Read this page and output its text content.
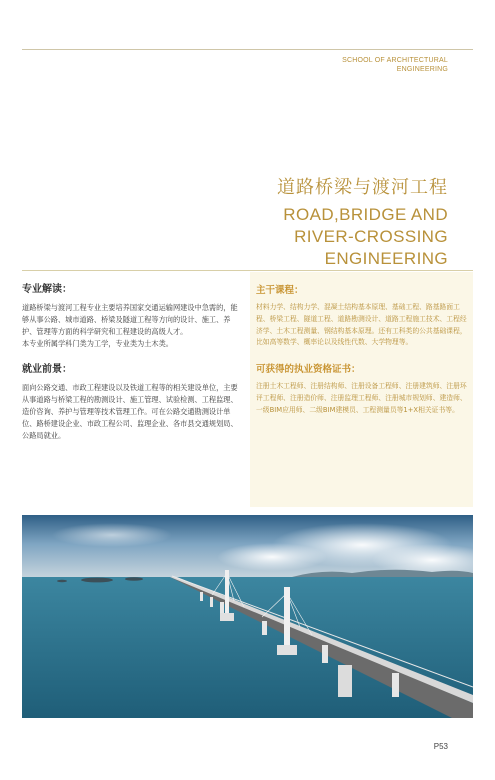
SCHOOL OF ARCHITECTURAL
ENGINEERING
道路桥梁与渡河工程
ROAD,BRIDGE AND
RIVER-CROSSING
ENGINEERING
专业解读：
道路桥梁与渡河工程专业主要培养国家交通运输网建设中急需的，能够从事公路、城市道路、桥梁及隧道工程等方向的设计、施工、养护、管理等方面的科学研究和工程建设的高级人才。
本专业所属学科门类为工学，专业类为土木类。
就业前景：
面向公路交通、市政工程建设以及铁道工程等的相关建设单位，主要从事道路与桥梁工程的勘测设计、施工管理、试验检测、工程监理、造价咨询、养护与管理等技术管理工作。可在公路交通勘测设计单位、路桥建设企业、市政工程公司、监理企业、各市县交通规划局、公路局就业。
主干课程：
材料力学、结构力学、混凝土结构基本原理、基础工程、路基路面工程、桥梁工程、隧道工程、道路勘测设计、道路工程施工技术、工程经济学、土木工程测量、钢结构基本原理。还有工科类的公共基础课程，比如高等数学、概率论以及线性代数、大学物理等。
可获得的执业资格证书：
注册土木工程师、注册结构师、注册设备工程师、注册建筑师、注册环评工程师、注册造价师、注册监理工程师、注册城市规划师、建造师、一级BIM应用师、二级BIM建模员、工程测量员等1+X相关证书等。
P53
